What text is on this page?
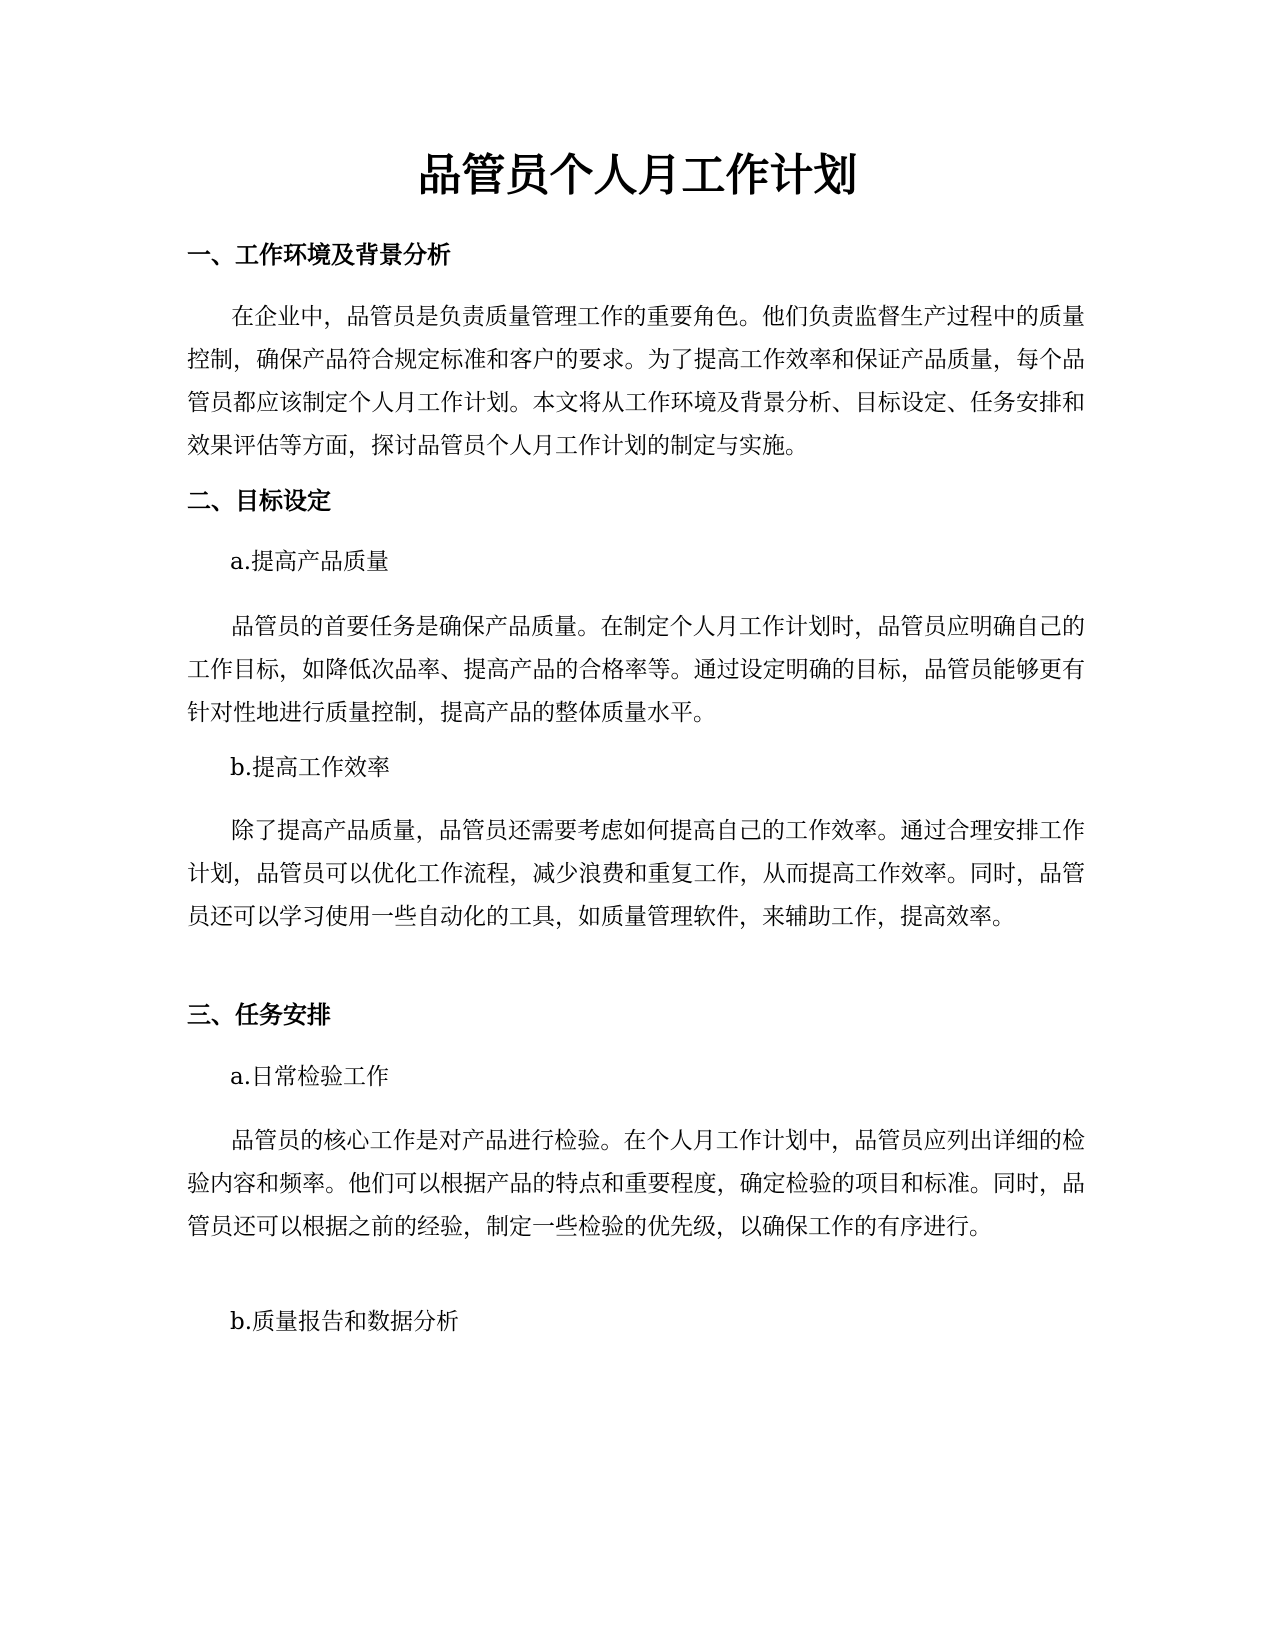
品管员个人月工作计划
一、工作环境及背景分析

在企业中，品管员是负责质量管理工作的重要角色。他们负责监督生产过程中的质量控制，确保产品符合规定标准和客户的要求。为了提高工作效率和保证产品质量，每个品管员都应该制定个人月工作计划。本文将从工作环境及背景分析、目标设定、任务安排和效果评估等方面，探讨品管员个人月工作计划的制定与实施。

二、目标设定

a.提高产品质量

品管员的首要任务是确保产品质量。在制定个人月工作计划时，品管员应明确自己的工作目标，如降低次品率、提高产品的合格率等。通过设定明确的目标，品管员能够更有针对性地进行质量控制，提高产品的整体质量水平。

b.提高工作效率

除了提高产品质量，品管员还需要考虑如何提高自己的工作效率。通过合理安排工作计划，品管员可以优化工作流程，减少浪费和重复工作，从而提高工作效率。同时，品管员还可以学习使用一些自动化的工具，如质量管理软件，来辅助工作，提高效率。

三、任务安排

a.日常检验工作

品管员的核心工作是对产品进行检验。在个人月工作计划中，品管员应列出详细的检验内容和频率。他们可以根据产品的特点和重要程度，确定检验的项目和标准。同时，品管员还可以根据之前的经验，制定一些检验的优先级，以确保工作的有序进行。

b.质量报告和数据分析
